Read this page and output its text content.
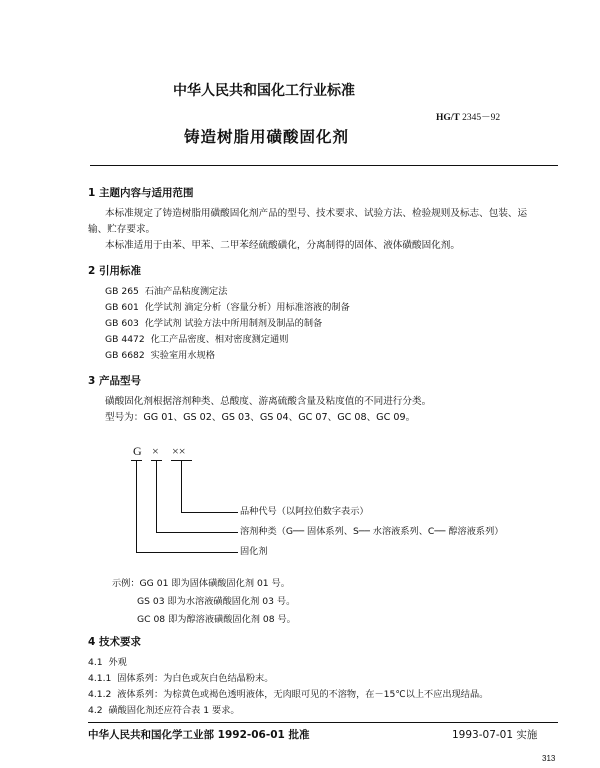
中华人民共和国化工行业标准
HG/T 2345－92
铸造树脂用磺酸固化剂
1 主题内容与适用范围
本标准规定了铸造树脂用磺酸固化剂产品的型号、技术要求、试验方法、检验规则及标志、包装、运
输、贮存要求。
本标准适用于由苯、甲苯、二甲苯经硫酸磺化，分离制得的固体、液体磺酸固化剂。
2 引用标准
GB 265 石油产品粘度测定法
GB 601 化学试剂 滴定分析（容量分析）用标准溶液的制备
GB 603 化学试剂 试验方法中所用制剂及制品的制备
GB 4472 化工产品密度、相对密度测定通则
GB 6682 实验室用水规格
3 产品型号
磺酸固化剂根据溶剂种类、总酸度、游离硫酸含量及粘度值的不同进行分类。
型号为：GG 01、GS 02、GS 03、GS 04、GC 07、GC 08、GC 09。
G × ××
品种代号（以阿拉伯数字表示）
溶剂种类（G── 固体系列、S── 水溶液系列、C── 醇溶液系列）
固化剂
示例：GG 01 即为固体磺酸固化剂 01 号。
GS 03 即为水溶液磺酸固化剂 03 号。
GC 08 即为醇溶液磺酸固化剂 08 号。
4 技术要求
4.1 外观
4.1.1 固体系列：为白色或灰白色结晶粉末。
4.1.2 液体系列：为棕黄色或褐色透明液体，无肉眼可见的不溶物，在－15℃以上不应出现结晶。
4.2 磺酸固化剂还应符合表 1 要求。
中华人民共和国化学工业部 1992-06-01 批准	1993-07-01 实施
313
